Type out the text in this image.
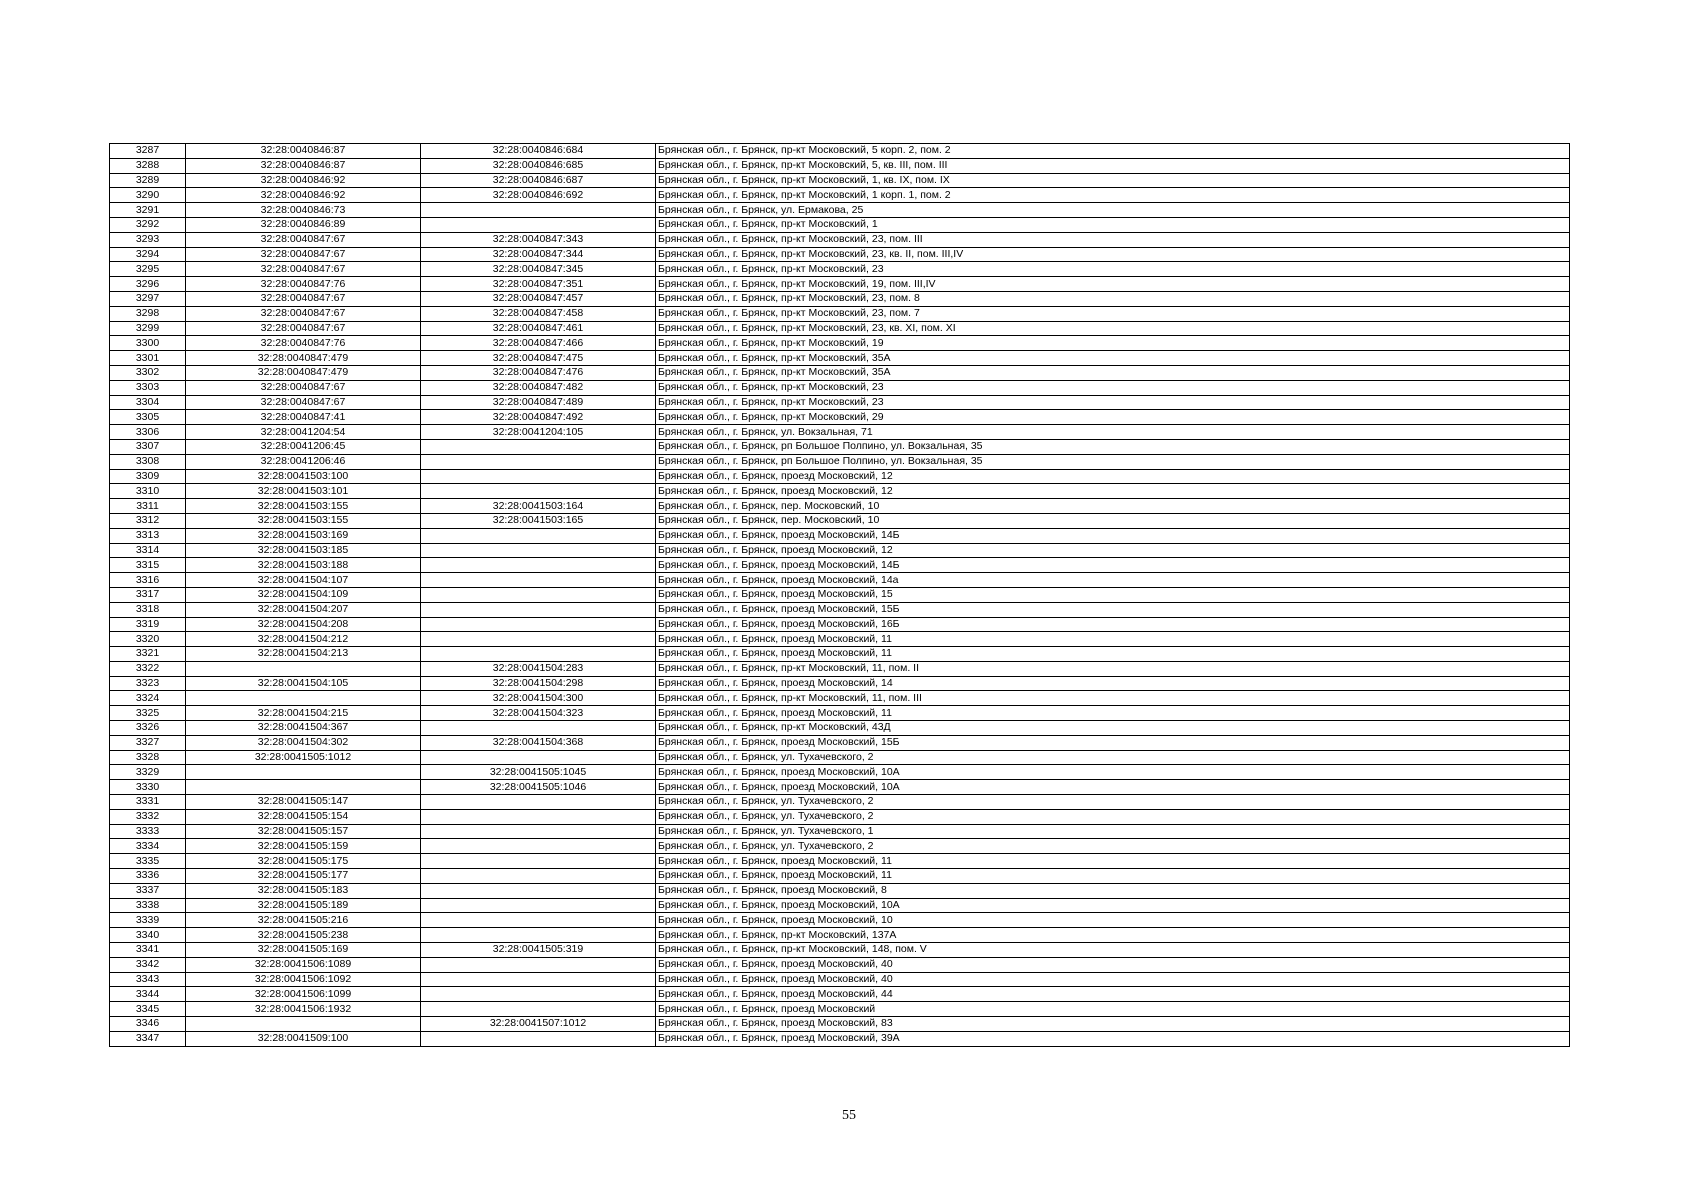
3287	32:28:0040846:87	32:28:0040846:684	Брянская обл., г. Брянск, пр-кт Московский, 5 корп. 2, пом. 2
3288	32:28:0040846:87	32:28:0040846:685	Брянская обл., г. Брянск, пр-кт Московский, 5, кв. III, пом. III
3289	32:28:0040846:92	32:28:0040846:687	Брянская обл., г. Брянск, пр-кт Московский, 1, кв. IX, пом. IX
3290	32:28:0040846:92	32:28:0040846:692	Брянская обл., г. Брянск, пр-кт Московский, 1 корп. 1, пом. 2
3291	32:28:0040846:73		Брянская обл., г. Брянск, ул. Ермакова, 25
3292	32:28:0040846:89		Брянская обл., г. Брянск, пр-кт Московский, 1
3293	32:28:0040847:67	32:28:0040847:343	Брянская обл., г. Брянск, пр-кт Московский, 23, пом. III
3294	32:28:0040847:67	32:28:0040847:344	Брянская обл., г. Брянск, пр-кт Московский, 23, кв. II, пом. III,IV
3295	32:28:0040847:67	32:28:0040847:345	Брянская обл., г. Брянск, пр-кт Московский, 23
3296	32:28:0040847:76	32:28:0040847:351	Брянская обл., г. Брянск, пр-кт Московский, 19, пом. III,IV
3297	32:28:0040847:67	32:28:0040847:457	Брянская обл., г. Брянск, пр-кт Московский, 23, пом. 8
3298	32:28:0040847:67	32:28:0040847:458	Брянская обл., г. Брянск, пр-кт Московский, 23, пом. 7
3299	32:28:0040847:67	32:28:0040847:461	Брянская обл., г. Брянск, пр-кт Московский, 23, кв. XI, пом. XI
3300	32:28:0040847:76	32:28:0040847:466	Брянская обл., г. Брянск, пр-кт Московский, 19
3301	32:28:0040847:479	32:28:0040847:475	Брянская обл., г. Брянск, пр-кт Московский, 35А
3302	32:28:0040847:479	32:28:0040847:476	Брянская обл., г. Брянск, пр-кт Московский, 35А
3303	32:28:0040847:67	32:28:0040847:482	Брянская обл., г. Брянск, пр-кт Московский, 23
3304	32:28:0040847:67	32:28:0040847:489	Брянская обл., г. Брянск, пр-кт Московский, 23
3305	32:28:0040847:41	32:28:0040847:492	Брянская обл., г. Брянск, пр-кт Московский, 29
3306	32:28:0041204:54	32:28:0041204:105	Брянская обл., г. Брянск, ул. Вокзальная, 71
3307	32:28:0041206:45		Брянская обл., г. Брянск, рп Большое Полпино, ул. Вокзальная, 35
3308	32:28:0041206:46		Брянская обл., г. Брянск, рп Большое Полпино, ул. Вокзальная, 35
3309	32:28:0041503:100		Брянская обл., г. Брянск, проезд Московский, 12
3310	32:28:0041503:101		Брянская обл., г. Брянск, проезд Московский, 12
3311	32:28:0041503:155	32:28:0041503:164	Брянская обл., г. Брянск, пер. Московский, 10
3312	32:28:0041503:155	32:28:0041503:165	Брянская обл., г. Брянск, пер. Московский, 10
3313	32:28:0041503:169		Брянская обл., г. Брянск, проезд Московский, 14Б
3314	32:28:0041503:185		Брянская обл., г. Брянск, проезд Московский, 12
3315	32:28:0041503:188		Брянская обл., г. Брянск, проезд Московский, 14Б
3316	32:28:0041504:107		Брянская обл., г. Брянск, проезд Московский, 14а
3317	32:28:0041504:109		Брянская обл., г. Брянск, проезд Московский, 15
3318	32:28:0041504:207		Брянская обл., г. Брянск, проезд Московский, 15Б
3319	32:28:0041504:208		Брянская обл., г. Брянск, проезд Московский, 16Б
3320	32:28:0041504:212		Брянская обл., г. Брянск, проезд Московский, 11
3321	32:28:0041504:213		Брянская обл., г. Брянск, проезд Московский, 11
3322		32:28:0041504:283	Брянская обл., г. Брянск, пр-кт Московский, 11, пом. II
3323	32:28:0041504:105	32:28:0041504:298	Брянская обл., г. Брянск, проезд Московский, 14
3324		32:28:0041504:300	Брянская обл., г. Брянск, пр-кт Московский, 11, пом. III
3325	32:28:0041504:215	32:28:0041504:323	Брянская обл., г. Брянск, проезд Московский, 11
3326	32:28:0041504:367		Брянская обл., г. Брянск, пр-кт Московский, 43Д
3327	32:28:0041504:302	32:28:0041504:368	Брянская обл., г. Брянск, проезд Московский, 15Б
3328	32:28:0041505:1012		Брянская обл., г. Брянск, ул. Тухачевского, 2
3329		32:28:0041505:1045	Брянская обл., г. Брянск, проезд Московский, 10А
3330		32:28:0041505:1046	Брянская обл., г. Брянск, проезд Московский, 10А
3331	32:28:0041505:147		Брянская обл., г. Брянск, ул. Тухачевского, 2
3332	32:28:0041505:154		Брянская обл., г. Брянск, ул. Тухачевского, 2
3333	32:28:0041505:157		Брянская обл., г. Брянск, ул. Тухачевского, 1
3334	32:28:0041505:159		Брянская обл., г. Брянск, ул. Тухачевского, 2
3335	32:28:0041505:175		Брянская обл., г. Брянск, проезд Московский, 11
3336	32:28:0041505:177		Брянская обл., г. Брянск, проезд Московский, 11
3337	32:28:0041505:183		Брянская обл., г. Брянск, проезд Московский, 8
3338	32:28:0041505:189		Брянская обл., г. Брянск, проезд Московский, 10А
3339	32:28:0041505:216		Брянская обл., г. Брянск, проезд Московский, 10
3340	32:28:0041505:238		Брянская обл., г. Брянск, пр-кт Московский, 137А
3341	32:28:0041505:169	32:28:0041505:319	Брянская обл., г. Брянск, пр-кт Московский, 148, пом. V
3342	32:28:0041506:1089		Брянская обл., г. Брянск, проезд Московский, 40
3343	32:28:0041506:1092		Брянская обл., г. Брянск, проезд Московский, 40
3344	32:28:0041506:1099		Брянская обл., г. Брянск, проезд Московский, 44
3345	32:28:0041506:1932		Брянская обл., г. Брянск, проезд Московский
3346		32:28:0041507:1012	Брянская обл., г. Брянск, проезд Московский, 83
3347	32:28:0041509:100		Брянская обл., г. Брянск, проезд Московский, 39А
55
